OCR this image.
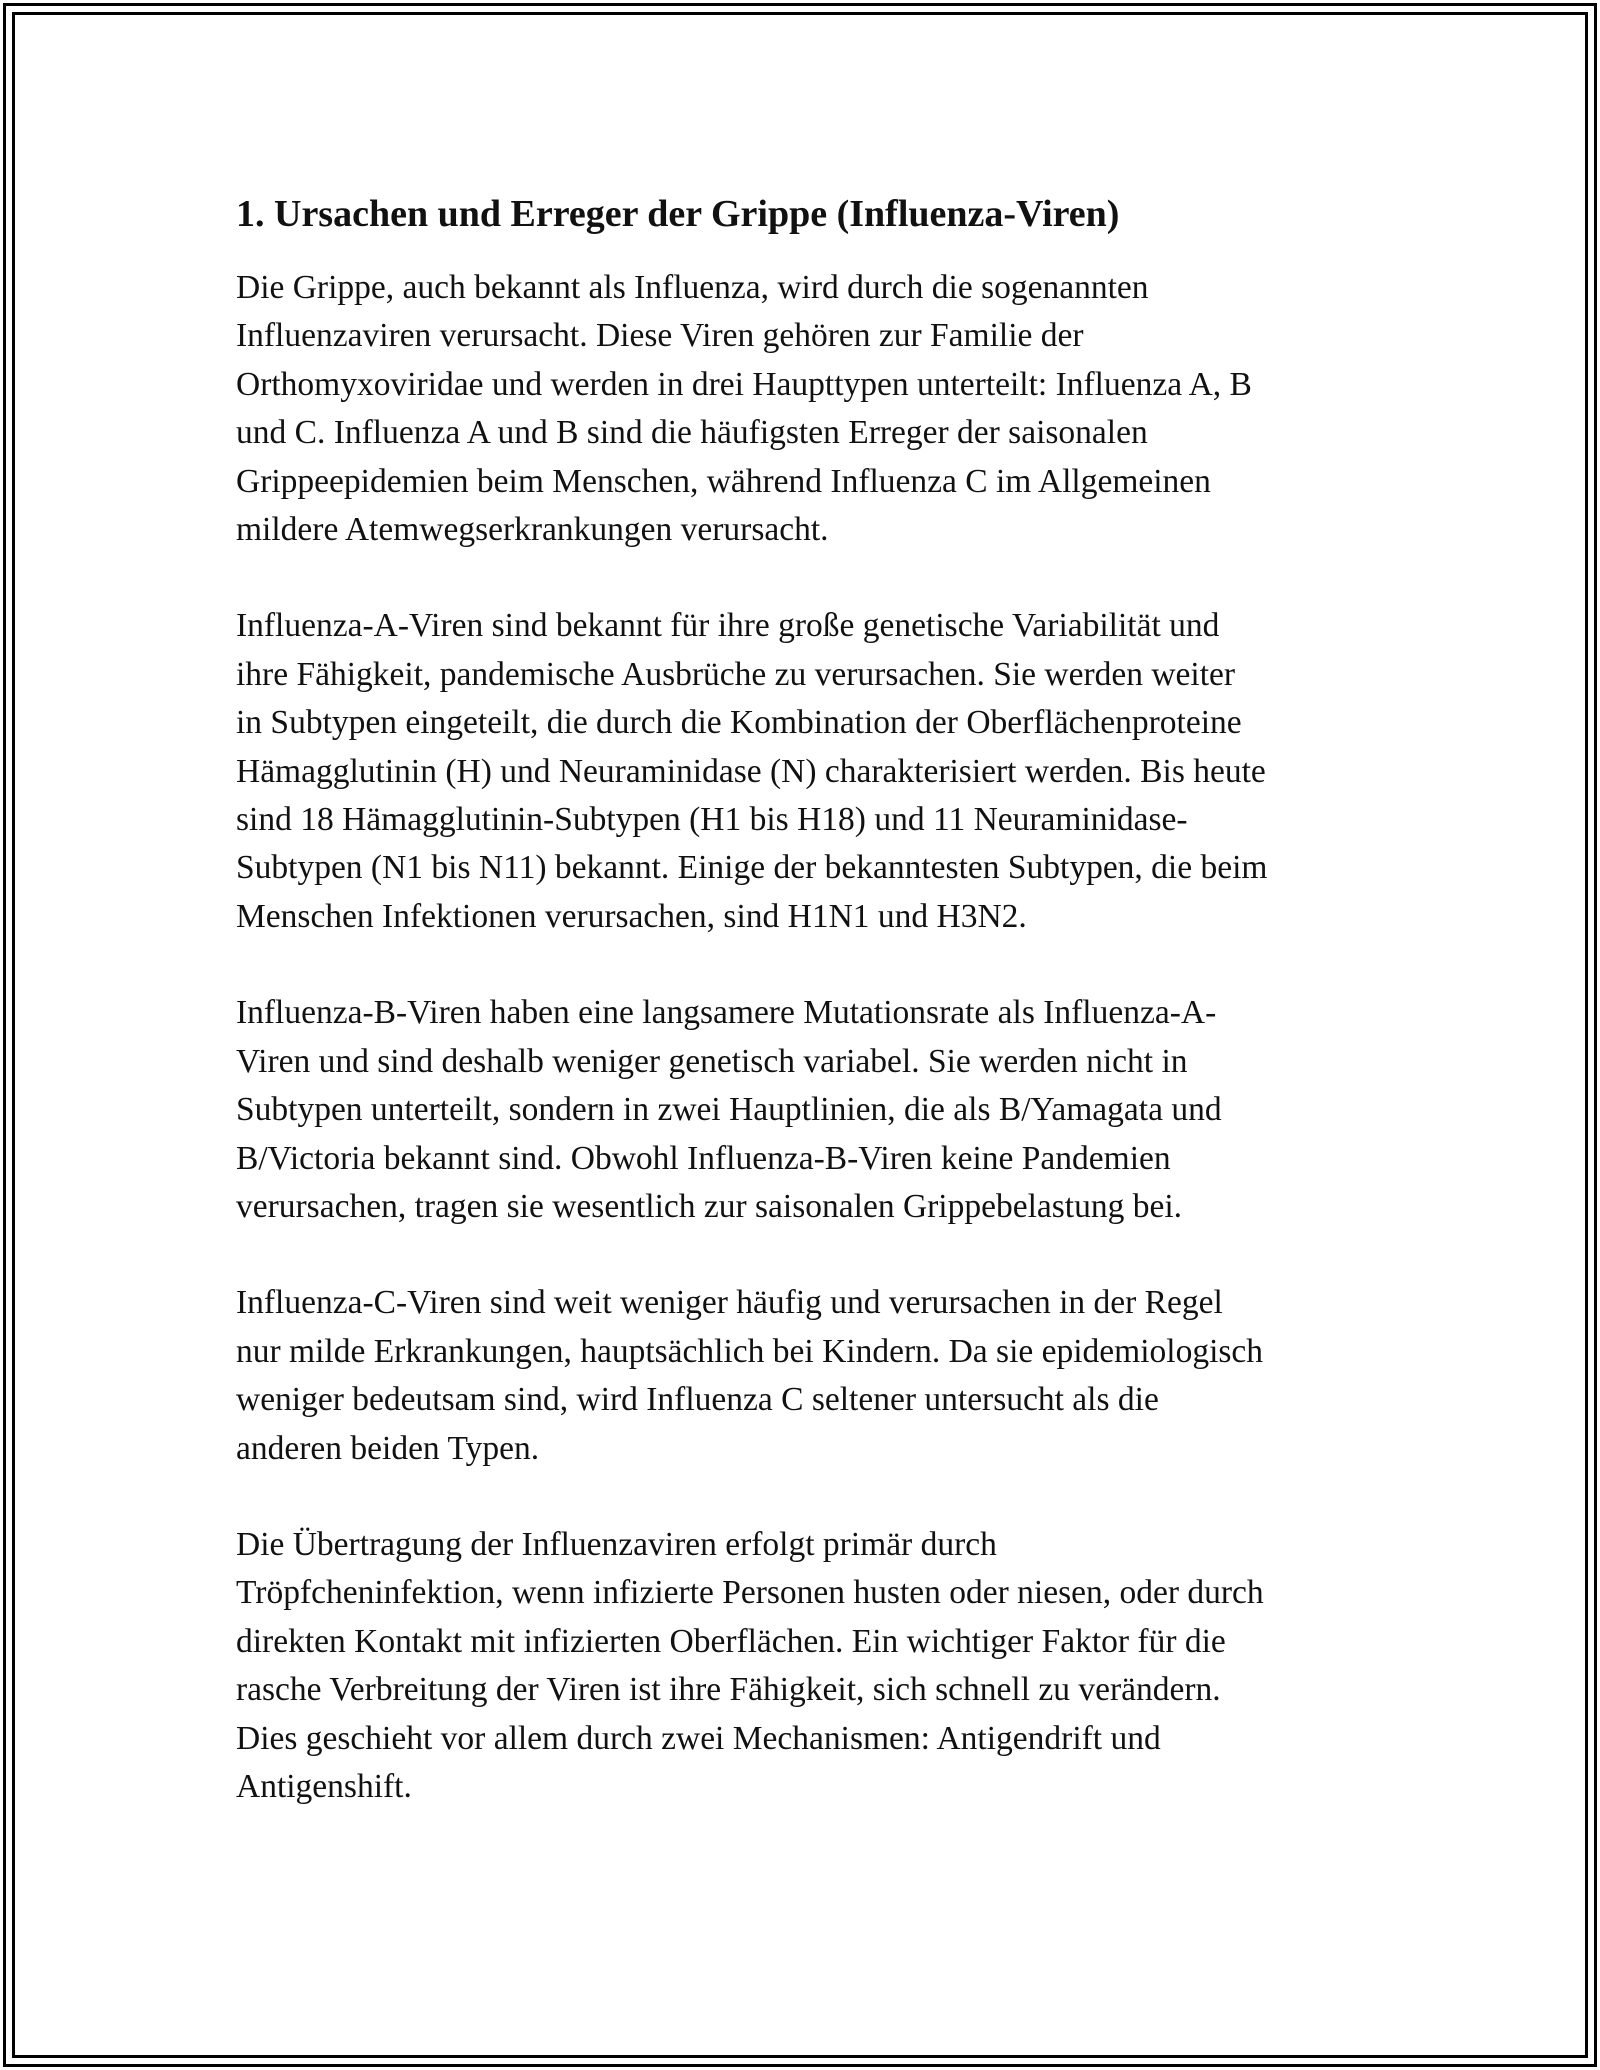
1. Ursachen und Erreger der Grippe (Influenza-Viren)
Die Grippe, auch bekannt als Influenza, wird durch die sogenannten
Influenzaviren verursacht. Diese Viren gehören zur Familie der
Orthomyxoviridae und werden in drei Haupttypen unterteilt: Influenza A, B
und C. Influenza A und B sind die häufigsten Erreger der saisonalen
Grippeepidemien beim Menschen, während Influenza C im Allgemeinen
mildere Atemwegserkrankungen verursacht.
Influenza-A-Viren sind bekannt für ihre große genetische Variabilität und
ihre Fähigkeit, pandemische Ausbrüche zu verursachen. Sie werden weiter
in Subtypen eingeteilt, die durch die Kombination der Oberflächenproteine
Hämagglutinin (H) und Neuraminidase (N) charakterisiert werden. Bis heute
sind 18 Hämagglutinin-Subtypen (H1 bis H18) und 11 Neuraminidase-
Subtypen (N1 bis N11) bekannt. Einige der bekanntesten Subtypen, die beim
Menschen Infektionen verursachen, sind H1N1 und H3N2.
Influenza-B-Viren haben eine langsamere Mutationsrate als Influenza-A-
Viren und sind deshalb weniger genetisch variabel. Sie werden nicht in
Subtypen unterteilt, sondern in zwei Hauptlinien, die als B/Yamagata und
B/Victoria bekannt sind. Obwohl Influenza-B-Viren keine Pandemien
verursachen, tragen sie wesentlich zur saisonalen Grippebelastung bei.
Influenza-C-Viren sind weit weniger häufig und verursachen in der Regel
nur milde Erkrankungen, hauptsächlich bei Kindern. Da sie epidemiologisch
weniger bedeutsam sind, wird Influenza C seltener untersucht als die
anderen beiden Typen.
Die Übertragung der Influenzaviren erfolgt primär durch
Tröpfcheninfektion, wenn infizierte Personen husten oder niesen, oder durch
direkten Kontakt mit infizierten Oberflächen. Ein wichtiger Faktor für die
rasche Verbreitung der Viren ist ihre Fähigkeit, sich schnell zu verändern.
Dies geschieht vor allem durch zwei Mechanismen: Antigendrift und
Antigenshift.
